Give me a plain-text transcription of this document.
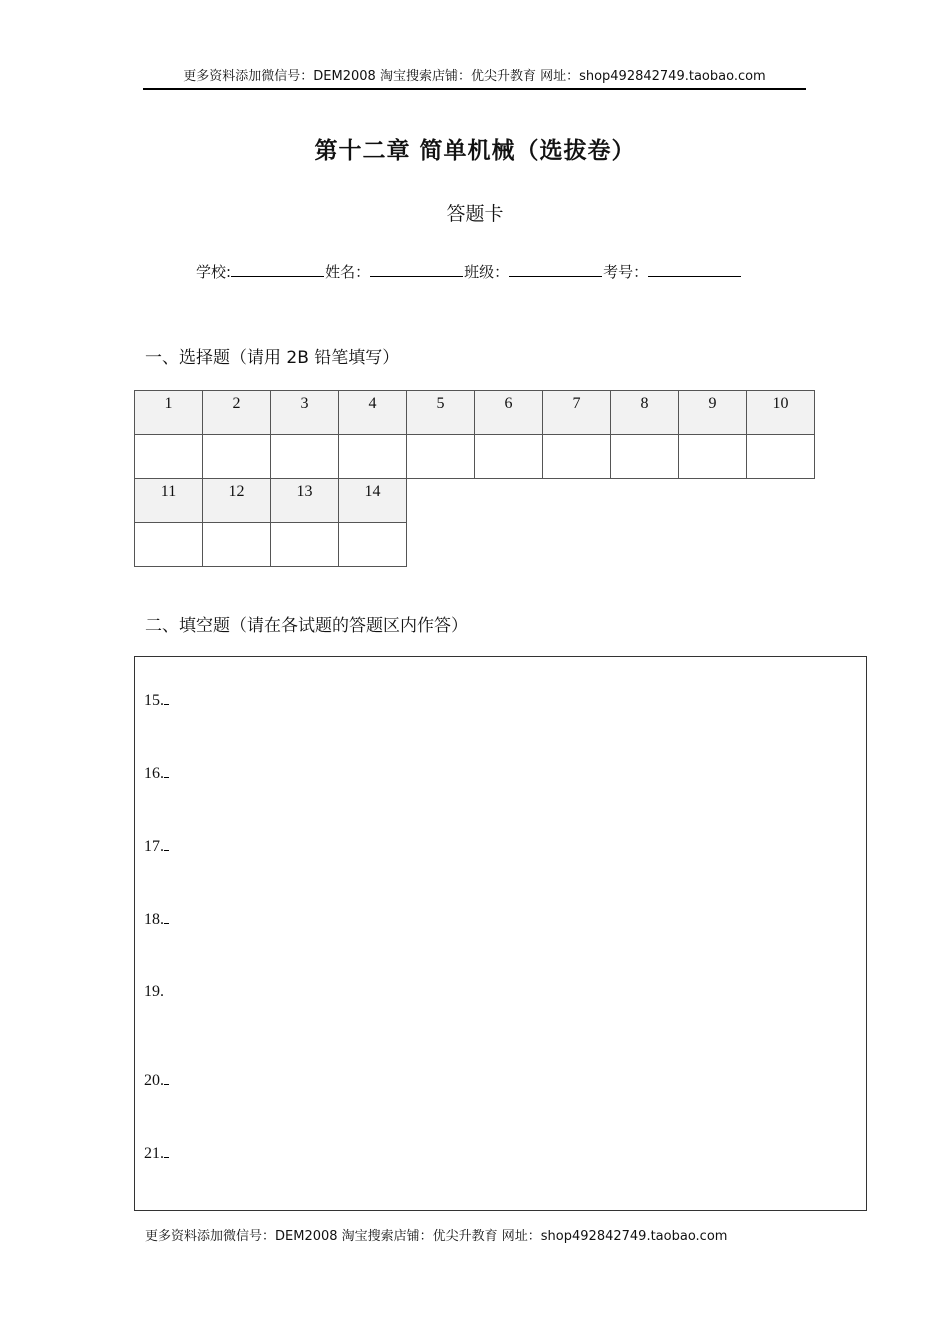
更多资料添加微信号：DEM2008 淘宝搜索店铺：优尖升教育 网址：shop492842749.taobao.com
第十二章 简单机械（选拔卷）
答题卡
学校:	姓名：	班级：	考号：
一、选择题（请用 2B 铅笔填写）
1	2	3	4	5	6	7	8	9	10

11	12	13	14						

二、填空题（请在各试题的答题区内作答）
15.
16.
17.
18.
19.
20.
21.
更多资料添加微信号：DEM2008 淘宝搜索店铺：优尖升教育 网址：shop492842749.taobao.com
